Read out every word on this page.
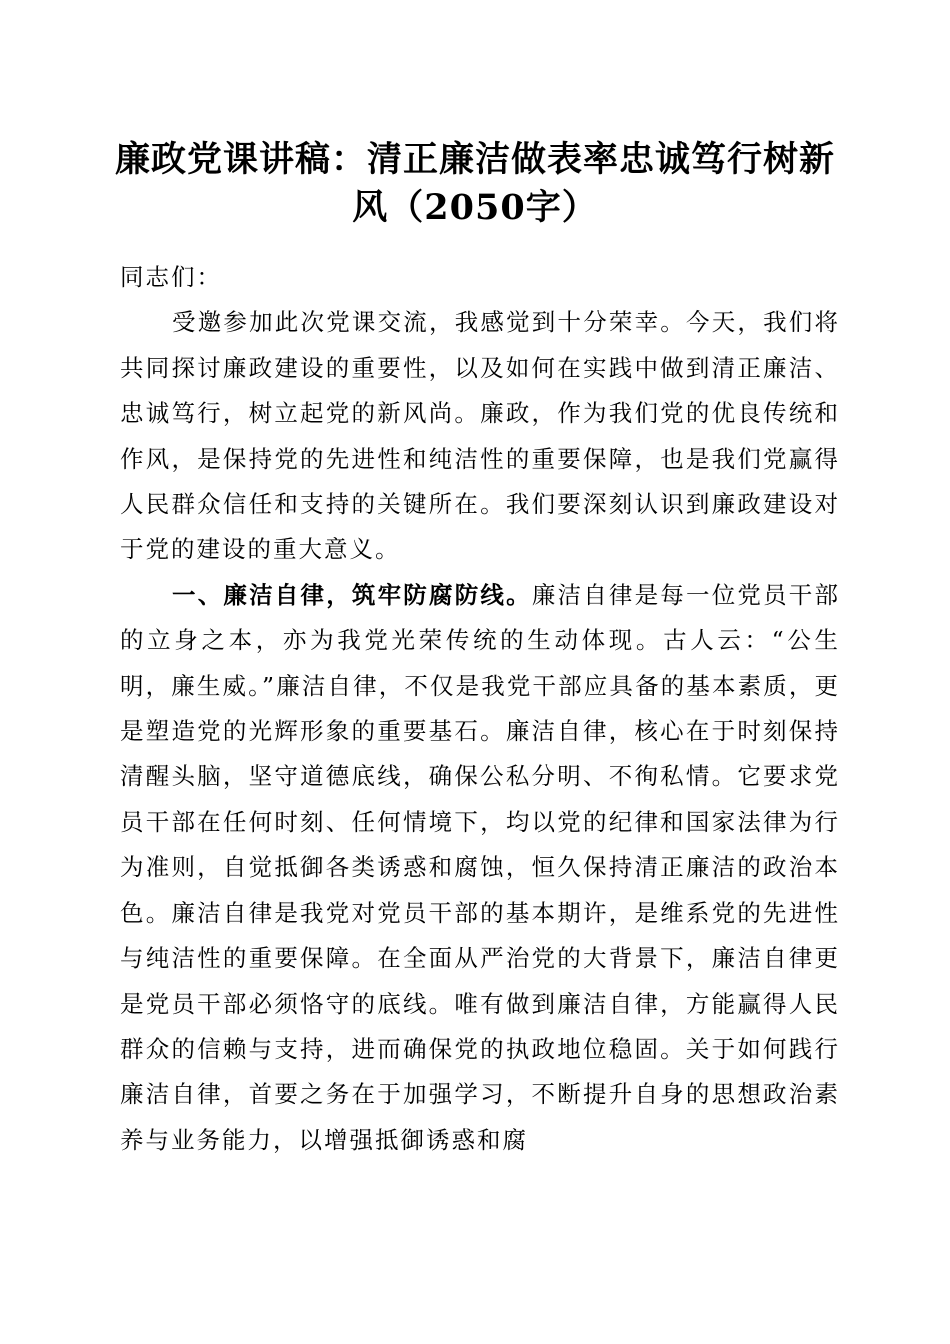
廉政党课讲稿：清正廉洁做表率忠诚笃行树新风（2050字）

同志们：

受邀参加此次党课交流，我感觉到十分荣幸。今天，我们将共同探讨廉政建设的重要性，以及如何在实践中做到清正廉洁、忠诚笃行，树立起党的新风尚。廉政，作为我们党的优良传统和作风，是保持党的先进性和纯洁性的重要保障，也是我们党赢得人民群众信任和支持的关键所在。我们要深刻认识到廉政建设对于党的建设的重大意义。

一、廉洁自律，筑牢防腐防线。廉洁自律是每一位党员干部的立身之本，亦为我党光荣传统的生动体现。古人云：“公生明，廉生威。”廉洁自律，不仅是我党干部应具备的基本素质，更是塑造党的光辉形象的重要基石。廉洁自律，核心在于时刻保持清醒头脑，坚守道德底线，确保公私分明、不徇私情。它要求党员干部在任何时刻、任何情境下，均以党的纪律和国家法律为行为准则，自觉抵御各类诱惑和腐蚀，恒久保持清正廉洁的政治本色。廉洁自律是我党对党员干部的基本期许，是维系党的先进性与纯洁性的重要保障。在全面从严治党的大背景下，廉洁自律更是党员干部必须恪守的底线。唯有做到廉洁自律，方能赢得人民群众的信赖与支持，进而确保党的执政地位稳固。关于如何践行廉洁自律，首要之务在于加强学习，不断提升自身的思想政治素养与业务能力，以增强抵御诱惑和腐
